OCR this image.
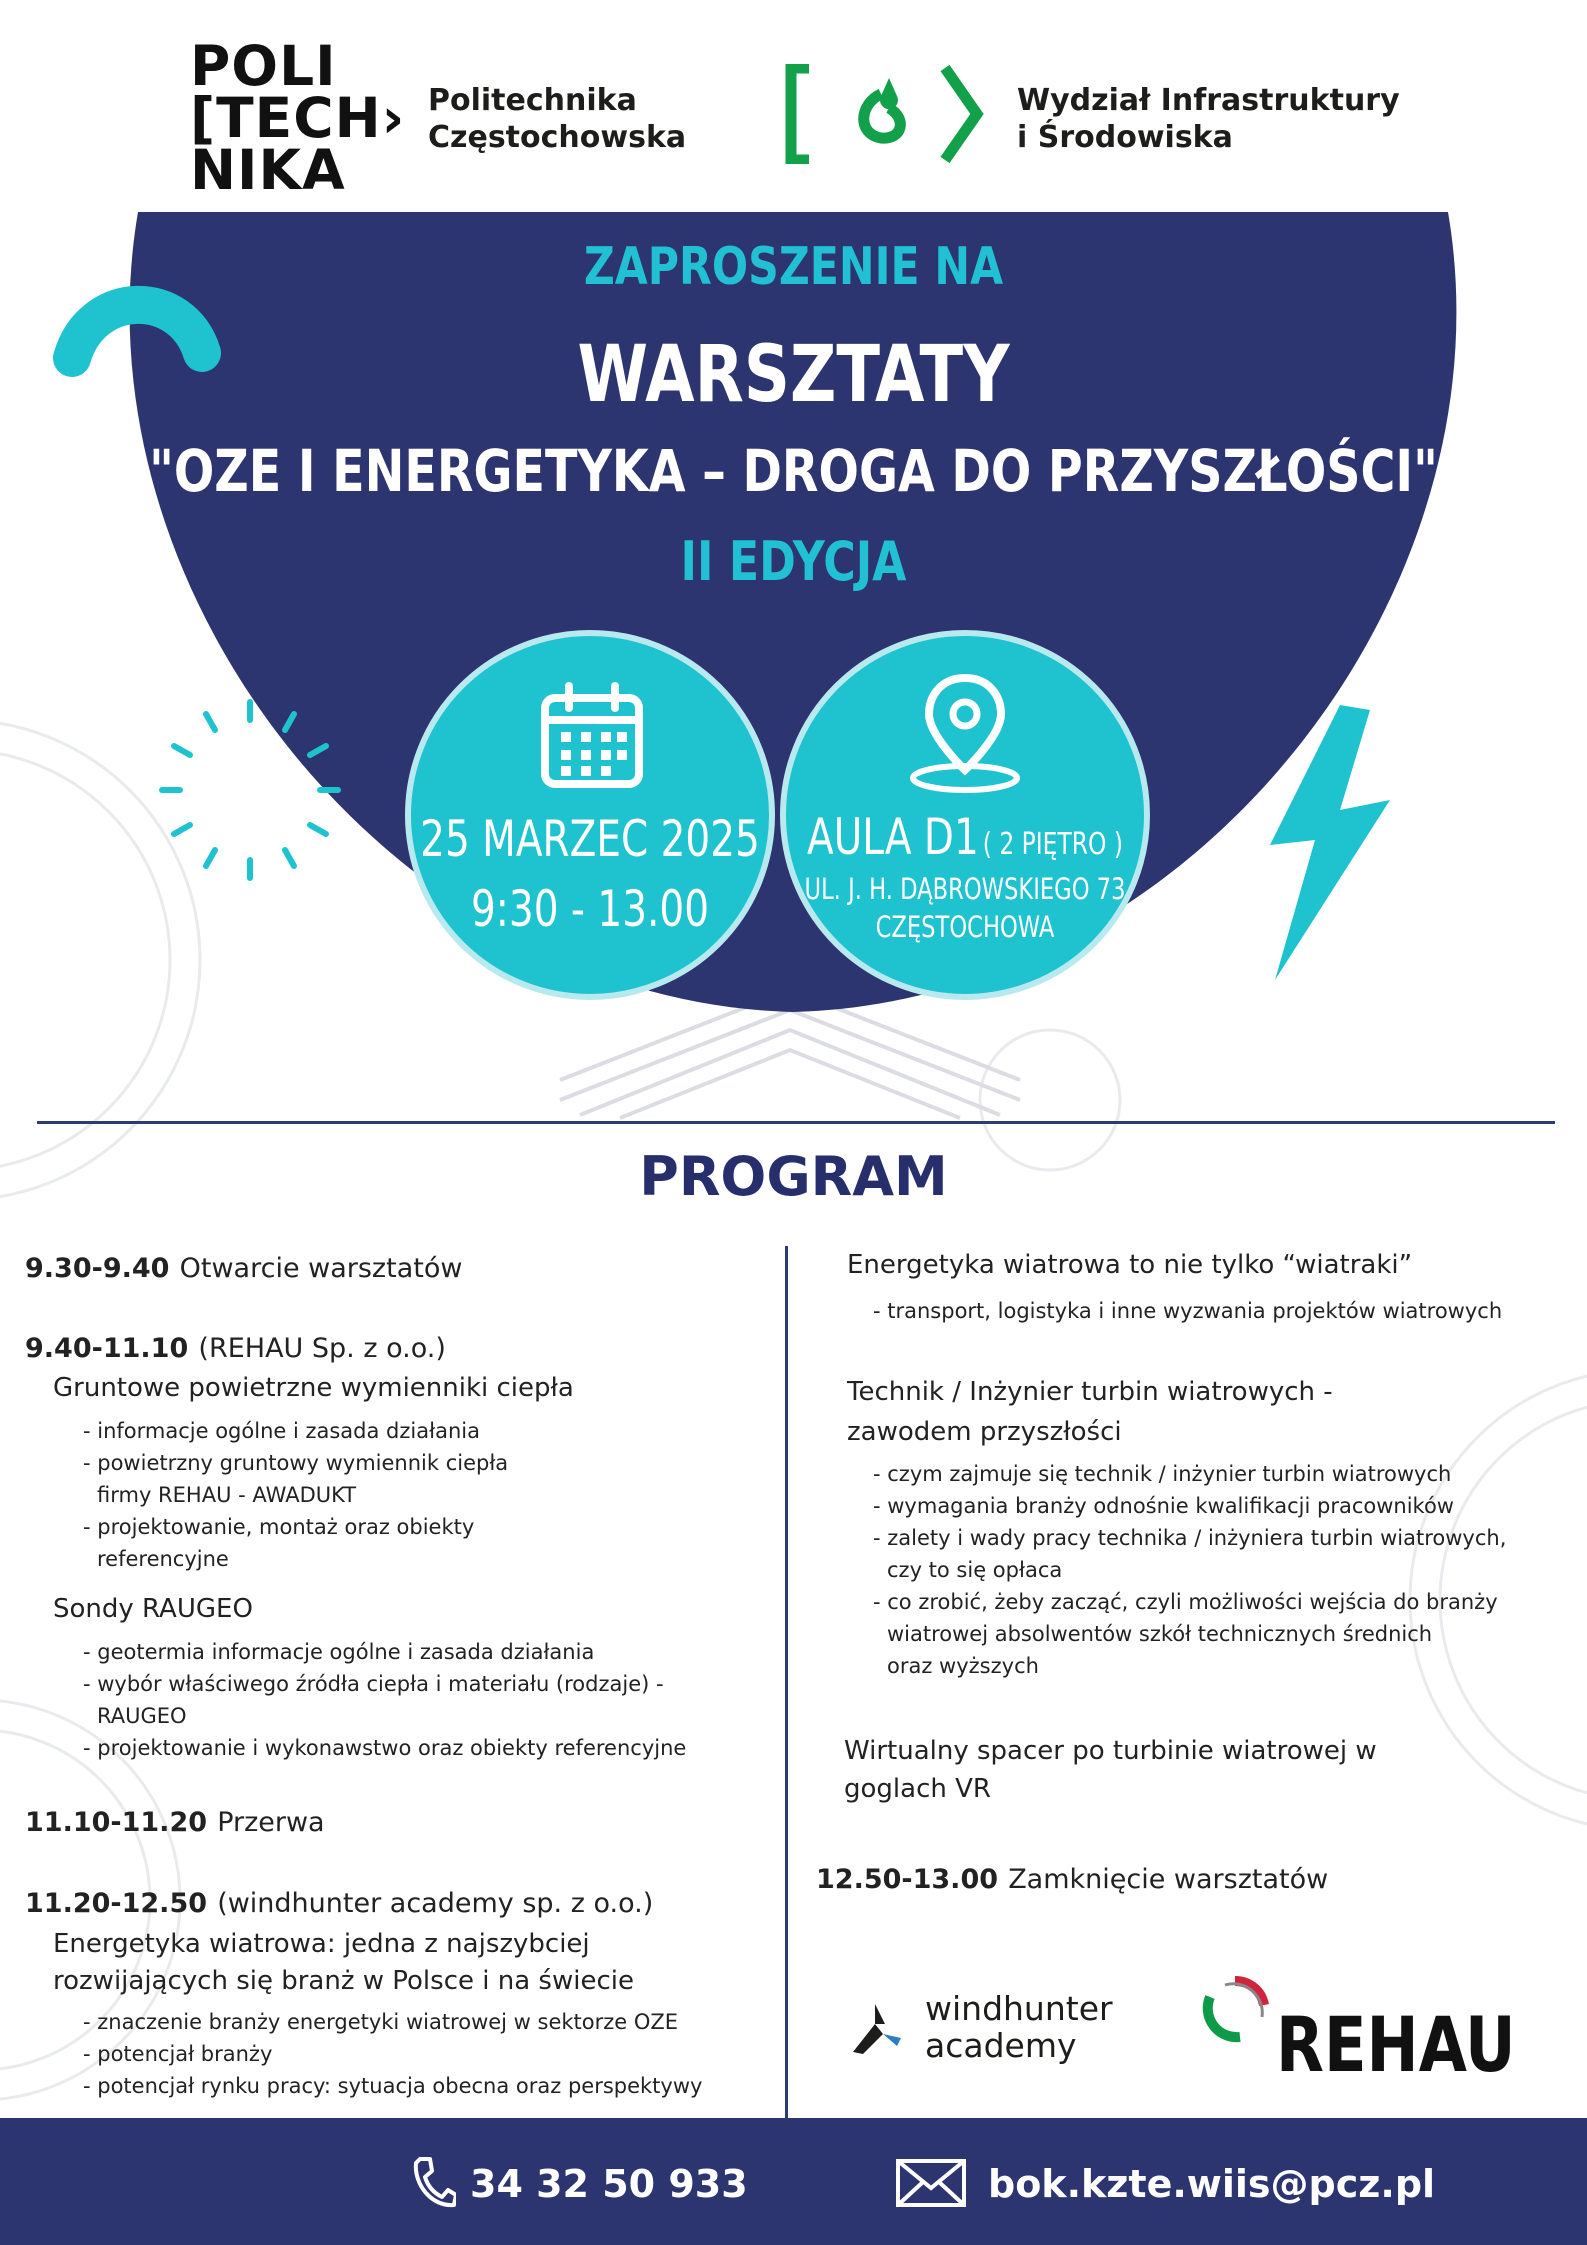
POLI
[TECH›
NIKA
Politechnika
Częstochowska
Wydział Infrastruktury
i Środowiska
ZAPROSZENIE NA
WARSZTATY
"OZE I ENERGETYKA – DROGA DO PRZYSZŁOŚCI"
II EDYCJA
25 MARZEC 2025
9:30 - 13.00
AULA D1 ( 2 PIĘTRO )
UL. J. H. DĄBROWSKIEGO 73
CZĘSTOCHOWA
PROGRAM
9.30-9.40 Otwarcie warsztatów
9.40-11.10 (REHAU Sp. z o.o.)
Gruntowe powietrzne wymienniki ciepła
- informacje ogólne i zasada działania
- powietrzny gruntowy wymiennik ciepła
firmy REHAU - AWADUKT
- projektowanie, montaż oraz obiekty
referencyjne
Sondy RAUGEO
- geotermia informacje ogólne i zasada działania
- wybór właściwego źródła ciepła i materiału (rodzaje) -
RAUGEO
- projektowanie i wykonawstwo oraz obiekty referencyjne
11.10-11.20 Przerwa
11.20-12.50 (windhunter academy sp. z o.o.)
Energetyka wiatrowa: jedna z najszybciej
rozwijających się branż w Polsce i na świecie
- znaczenie branży energetyki wiatrowej w sektorze OZE
- potencjał branży
- potencjał rynku pracy: sytuacja obecna oraz perspektywy
Energetyka wiatrowa to nie tylko “wiatraki”
- transport, logistyka i inne wyzwania projektów wiatrowych
Technik / Inżynier turbin wiatrowych -
zawodem przyszłości
- czym zajmuje się technik / inżynier turbin wiatrowych
- wymagania branży odnośnie kwalifikacji pracowników
- zalety i wady pracy technika / inżyniera turbin wiatrowych,
czy to się opłaca
- co zrobić, żeby zacząć, czyli możliwości wejścia do branży
wiatrowej absolwentów szkół technicznych średnich
oraz wyższych
Wirtualny spacer po turbinie wiatrowej w
goglach VR
12.50-13.00 Zamknięcie warsztatów
windhunter
academy	REHAU
34 32 50 933	bok.kzte.wiis@pcz.pl
